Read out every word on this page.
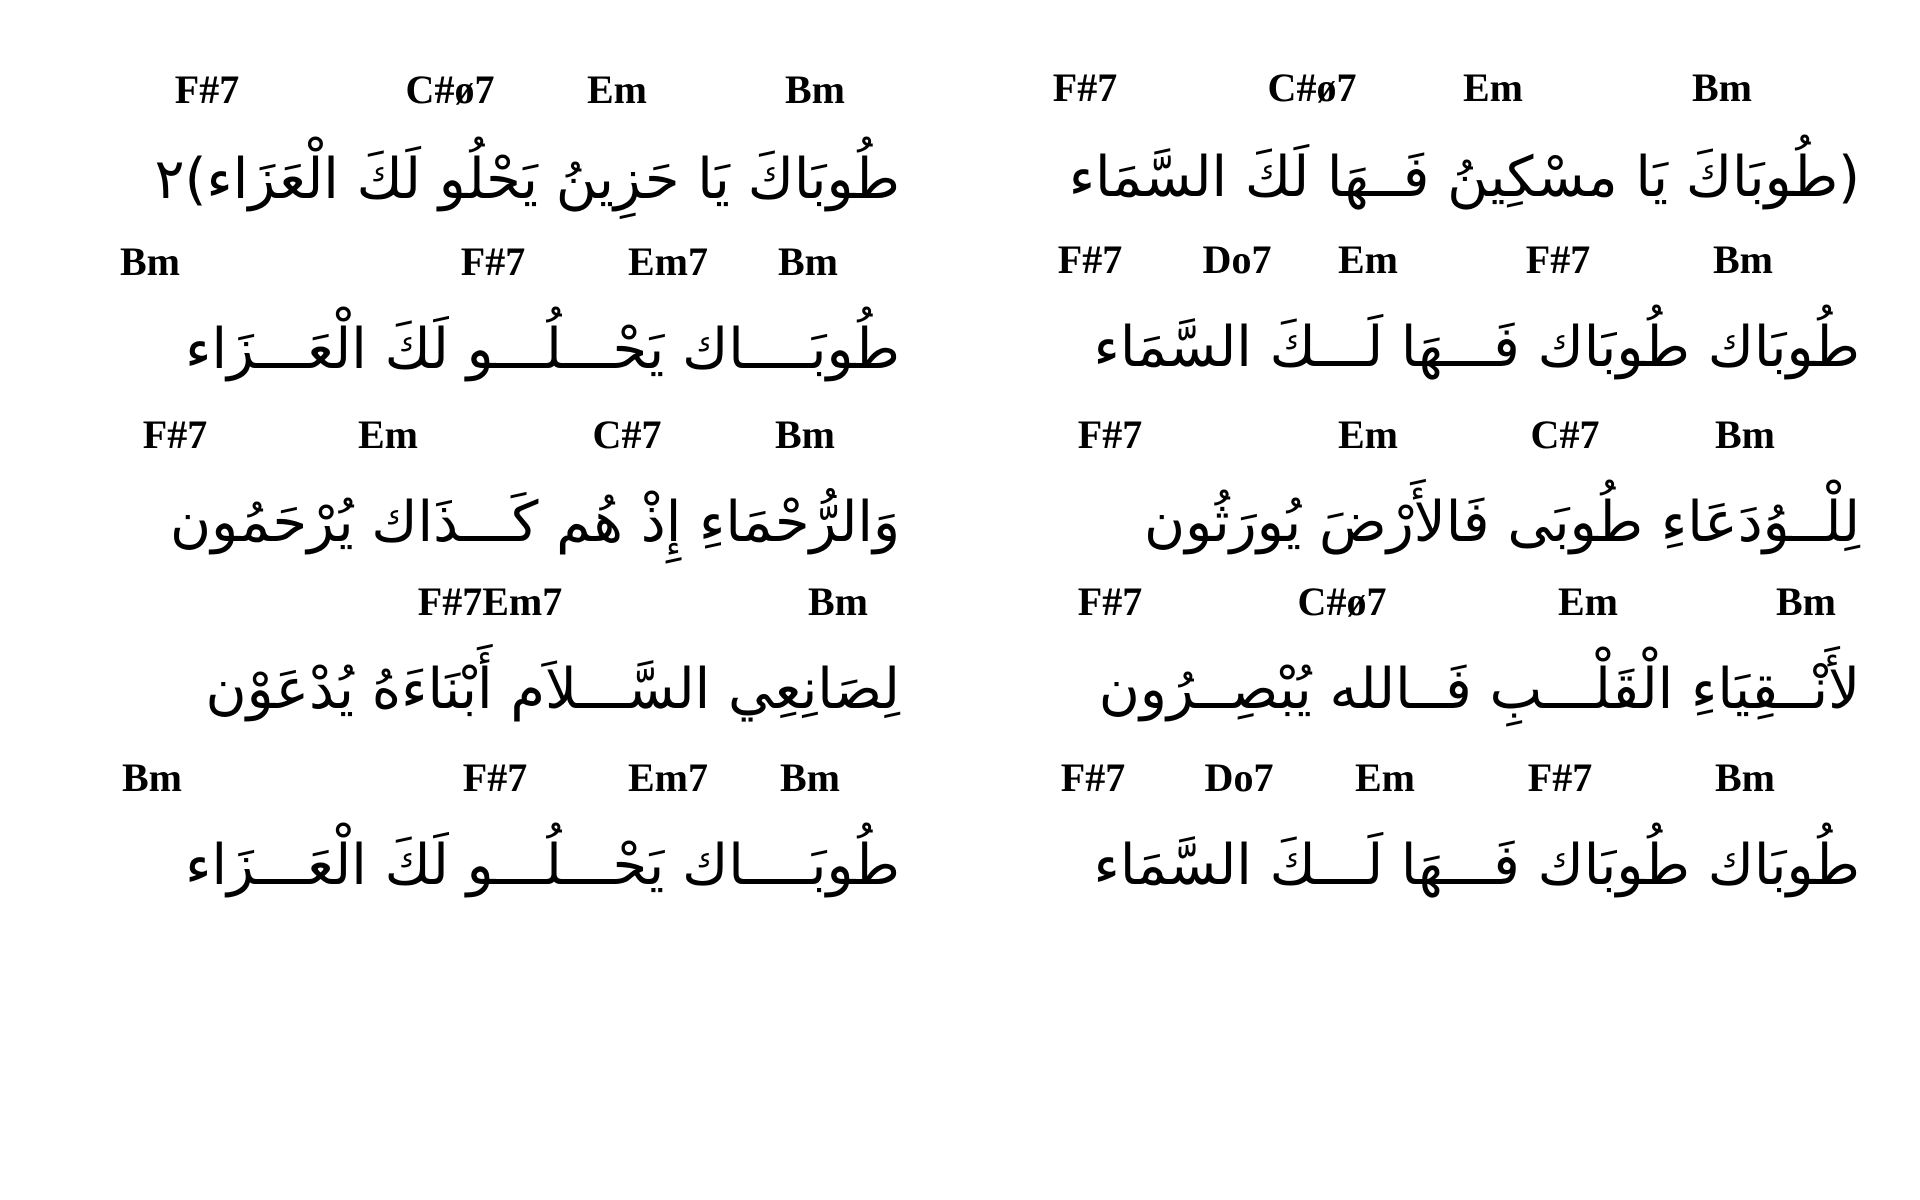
F#7	C#ø7	Em	Bm
(طُوبَاكَ يَا مسْكِينُ فَــهَا لَكَ السَّمَاء
F#7 Do7 Em	F#7	Bm
طُوبَاك طُوبَاك فَـــهَا لَـــكَ السَّمَاء
F#7	Em	C#7	Bm
لِلْــوُدَعَاءِ طُوبَى فَالأَرْضَ يُورَثُون
F#7	C#ø7	Em	Bm
لأَنْــقِيَاءِ الْقَلْـــبِ فَــالله يُبْصِــرُون
F#7 Do7 Em	F#7	Bm
طُوبَاك طُوبَاك فَـــهَا لَـــكَ السَّمَاء
F#7	C#ø7 Em	Bm
طُوبَاكَ يَا حَزِينُ يَحْلُو لَكَ الْعَزَاء)٢
Bm	F#7	Em7 Bm
طُوبَــــاك يَحْـــلُـــو لَكَ الْعَـــزَاء
F#7	Em	C#7	Bm
وَالرُّحْمَاءِ إِذْ هُم كَـــذَاك يُرْحَمُون
F#7Em7	Bm
لِصَانِعِي السَّـــلاَم أَبْنَاءَهُ يُدْعَوْن
Bm	F#7	Em7 Bm
طُوبَــــاك يَحْـــلُـــو لَكَ الْعَـــزَاء
